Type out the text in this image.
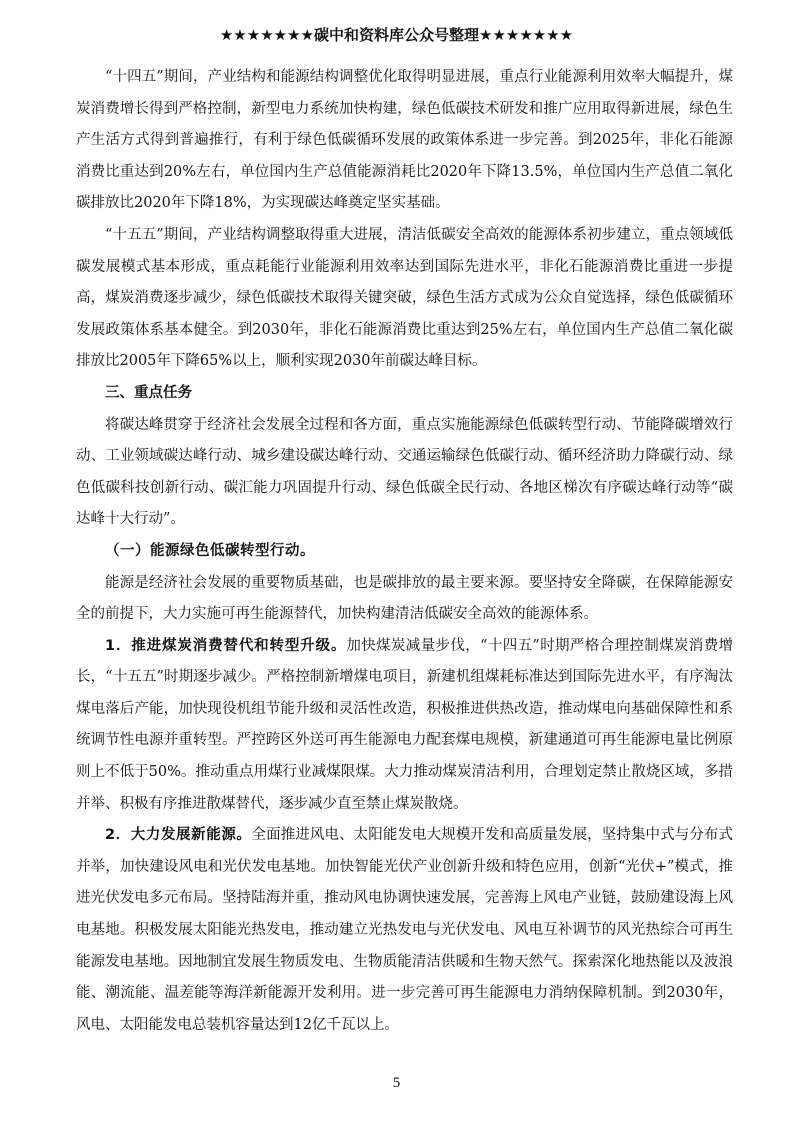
★★★★★★★碳中和资料库公众号整理★★★★★★★

“十四五”期间，产业结构和能源结构调整优化取得明显进展，重点行业能源利用效率大幅提升，煤炭消费增长得到严格控制，新型电力系统加快构建，绿色低碳技术研发和推广应用取得新进展，绿色生产生活方式得到普遍推行，有利于绿色低碳循环发展的政策体系进一步完善。到2025年，非化石能源消费比重达到20%左右，单位国内生产总值能源消耗比2020年下降13.5%，单位国内生产总值二氧化碳排放比2020年下降18%，为实现碳达峰奠定坚实基础。

“十五五”期间，产业结构调整取得重大进展，清洁低碳安全高效的能源体系初步建立，重点领域低碳发展模式基本形成，重点耗能行业能源利用效率达到国际先进水平，非化石能源消费比重进一步提高，煤炭消费逐步减少，绿色低碳技术取得关键突破，绿色生活方式成为公众自觉选择，绿色低碳循环发展政策体系基本健全。到2030年，非化石能源消费比重达到25%左右，单位国内生产总值二氧化碳排放比2005年下降65%以上，顺利实现2030年前碳达峰目标。

三、重点任务

将碳达峰贯穿于经济社会发展全过程和各方面，重点实施能源绿色低碳转型行动、节能降碳增效行动、工业领域碳达峰行动、城乡建设碳达峰行动、交通运输绿色低碳行动、循环经济助力降碳行动、绿色低碳科技创新行动、碳汇能力巩固提升行动、绿色低碳全民行动、各地区梯次有序碳达峰行动等“碳达峰十大行动”。

（一）能源绿色低碳转型行动。

能源是经济社会发展的重要物质基础，也是碳排放的最主要来源。要坚持安全降碳，在保障能源安全的前提下，大力实施可再生能源替代，加快构建清洁低碳安全高效的能源体系。

1．推进煤炭消费替代和转型升级。加快煤炭减量步伐，“十四五”时期严格合理控制煤炭消费增长，“十五五”时期逐步减少。严格控制新增煤电项目，新建机组煤耗标准达到国际先进水平，有序淘汰煤电落后产能，加快现役机组节能升级和灵活性改造，积极推进供热改造，推动煤电向基础保障性和系统调节性电源并重转型。严控跨区外送可再生能源电力配套煤电规模，新建通道可再生能源电量比例原则上不低于50%。推动重点用煤行业减煤限煤。大力推动煤炭清洁利用，合理划定禁止散烧区域，多措并举、积极有序推进散煤替代，逐步减少直至禁止煤炭散烧。

2．大力发展新能源。全面推进风电、太阳能发电大规模开发和高质量发展，坚持集中式与分布式并举，加快建设风电和光伏发电基地。加快智能光伏产业创新升级和特色应用，创新“光伏+”模式，推进光伏发电多元布局。坚持陆海并重，推动风电协调快速发展，完善海上风电产业链，鼓励建设海上风电基地。积极发展太阳能光热发电，推动建立光热发电与光伏发电、风电互补调节的风光热综合可再生能源发电基地。因地制宜发展生物质发电、生物质能清洁供暖和生物天然气。探索深化地热能以及波浪能、潮流能、温差能等海洋新能源开发利用。进一步完善可再生能源电力消纳保障机制。到2030年，风电、太阳能发电总装机容量达到12亿千瓦以上。

5
